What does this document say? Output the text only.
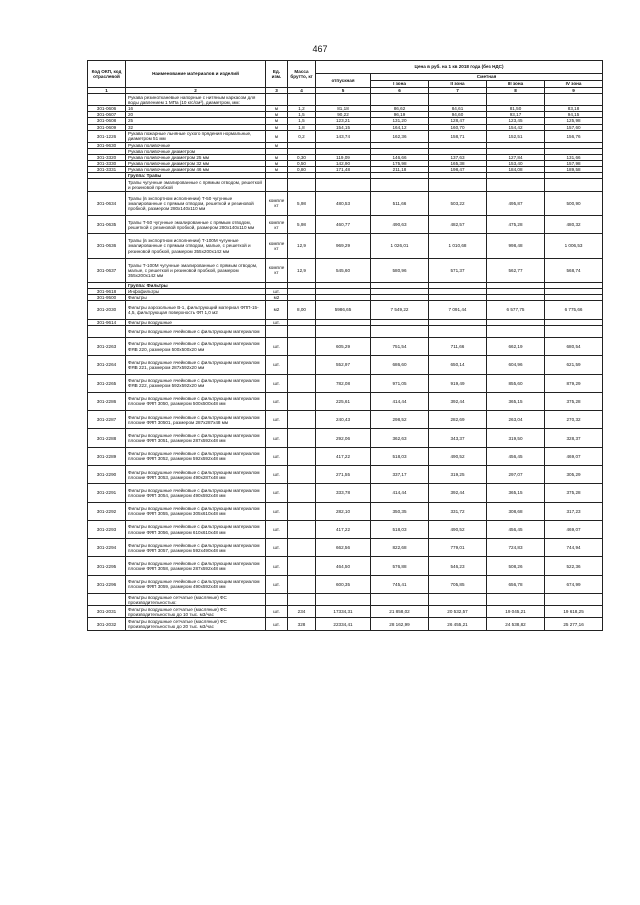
467
Код ОКП, код отраслевой	Наименование материалов и изделий	Ед. изм.	Масса брутто, кг	Цена в руб. на 1 кв 2018 года (без НДС)				
				отпускная	Сметная			
					I зона	II зона	III зона	IV зона
1	2	3	4	5	6	7	8	9
	Рукава резинотканевые напорные с нитяным каркасом для воды давлением 1 МПа (10 кгс/см²), диаметром, мм:							
301-0606	16	м	1,2	81,18	86,62	84,61	81,50	83,18
301-0607	20	м	1,5	90,22	96,19	94,60	93,17	94,15
301-0608	25	м	1,5	123,21	131,20	128,47	123,45	125,98
301-0609	32	м	1,8	154,15	164,12	160,70	154,42	157,60
301-1226	Рукава пожарные льняные сухого прядения нормальные, диаметром 51 мм	м	0,2	143,74	162,36	158,71	152,51	156,76
301-9630	Рукава поливочные	м						
	Рукава поливочные диаметром							
301-3320	Рукава поливочные диаметром 25 мм	м	0,30	119,09	146,66	137,63	127,84	131,66
301-3330	Рукава поливочные диаметром 32 мм	м	0,50	142,90	175,98	165,38	153,40	157,98
301-3331	Рукава поливочные диаметром 46 мм	м	0,80	171,48	211,18	198,47	184,08	189,58
	Группа: Трапы							
	Трапы чугунные эмалированные с прямым отводом, решеткой и резиновой пробкой							
301-0634	Трапы (в экспортном исполнении) Т-50 чугунные эмалированные с прямым отводом, решеткой и резиновой пробкой, размером 280х140х110 мм	компле кт	5,98	480,53	511,66	503,22	495,87	500,90
301-0635	Трапы Т-50 чугунные эмалированные с прямым отводом, решеткой с резиновой пробкой, размером 280х140х110 мм	компле кт	5,98	460,77	490,63	482,57	475,28	480,32
301-0636	Трапы (в экспортном исполнении) Т-100М чугунные эмалированные с прямым отводом, малые, с решеткой и резиновой пробкой, размером 355х200х142 мм	компле кт	12,9	969,29	1 026,01	1 010,68	998,48	1 006,53
301-0637	Трапы Т-100М чугунные эмалированные с прямым отводом, малые, с решеткой и резиновой пробкой, размером 355х200х142 мм	компле кт	12,9	545,60	580,96	571,37	562,77	568,74
	Группа: Фильтры							
301-9618	Инфофильтры	шт.						
301-9500	Фильтры	м2						
301-2030	Фильтры аэрозольные В-1, фильтрующий материал ФПП-15-4,5, фильтрующая поверхность ФП 1,0 м2	м2	8,00	5986,65	7 549,22	7 091,44	6 577,75	6 775,66
301-9614	Фильтры воздушные	шт.						
	Фильтры воздушные ячейковые с фильтрующим материалом							
301-2263	Фильтры воздушные ячейковые с фильтрующим материалом ФЯВ 220, размером 500х500х20 мм	шт.		605,29	751,54	711,66	662,19	680,54
301-2264	Фильтры воздушные ячейковые с фильтрующим материалом ФЯВ 221, размером 287х592х20 мм	шт.		552,97	686,60	650,14	604,96	621,59
301-2265	Фильтры воздушные ячейковые с фильтрующим материалом ФЯВ 222, размером 592х592х20 мм	шт.		782,08	971,05	919,49	855,60	879,29
301-2286	Фильтры воздушные ячейковые с фильтрующим материалом плоские ФЯП 3050, размером 500х500х48 мм	шт.		225,61	414,44	392,44	365,15	375,28
301-2287	Фильтры воздушные ячейковые с фильтрующим материалом плоские ФЯП 30501, размером 287х287х48 мм	шт.		240,43	298,52	282,69	263,04	270,32
301-2288	Фильтры воздушные ячейковые с фильтрующим материалом плоские ФЯП 3051, размером 287х592х48 мм	шт.		292,06	362,63	343,37	319,50	328,37
301-2289	Фильтры воздушные ячейковые с фильтрующим материалом плоские ФЯП 3052, размером 592х592х48 мм	шт.		417,22	518,03	490,52	456,45	469,07
301-2290	Фильтры воздушные ячейковые с фильтрующим материалом плоские ФЯП 3053, размером 490х287х48 мм	шт.		271,55	337,17	319,25	297,07	305,29
301-2291	Фильтры воздушные ячейковые с фильтрующим материалом плоские ФЯП 3054, размером 490х592х48 мм	шт.		333,78	414,44	392,44	365,15	375,28
301-2292	Фильтры воздушные ячейковые с фильтрующим материалом плоские ФЯП 3055, размером 305х610х48 мм	шт.		282,10	350,35	331,72	308,68	317,23
301-2293	Фильтры воздушные ячейковые с фильтрующим материалом плоские ФЯП 3056, размером 610х610х48 мм	шт.		417,22	518,03	490,52	456,45	469,07
301-2294	Фильтры воздушные ячейковые с фильтрующим материалом плоские ФЯП 3057, размером 592х490х48 мм	шт.		662,56	822,68	779,01	724,83	744,94
301-2295	Фильтры воздушные ячейковые с фильтрующим материалом плоские ФЯП 3058, размером 287х592х48 мм	шт.		464,50	576,88	546,23	508,26	522,36
301-2296	Фильтры воздушные ячейковые с фильтрующим материалом плоские ФЯП 3059, размером 490х592х48 мм	шт.		600,35	745,41	705,85	656,78	674,99
	Фильтры воздушные сетчатые (масляные) ФС производительностью:							
301-2031	Фильтры воздушные сетчатые (масляные) ФС производительностью до 10 тыс. м3/час	шт.	234	17334,31	21 858,02	20 532,57	19 045,21	19 618,25
301-2032	Фильтры воздушные сетчатые (масляные) ФС производительностью до 20 тыс. м3/час	шт.	328	22334,41	28 162,99	26 455,21	24 538,82	25 277,16
